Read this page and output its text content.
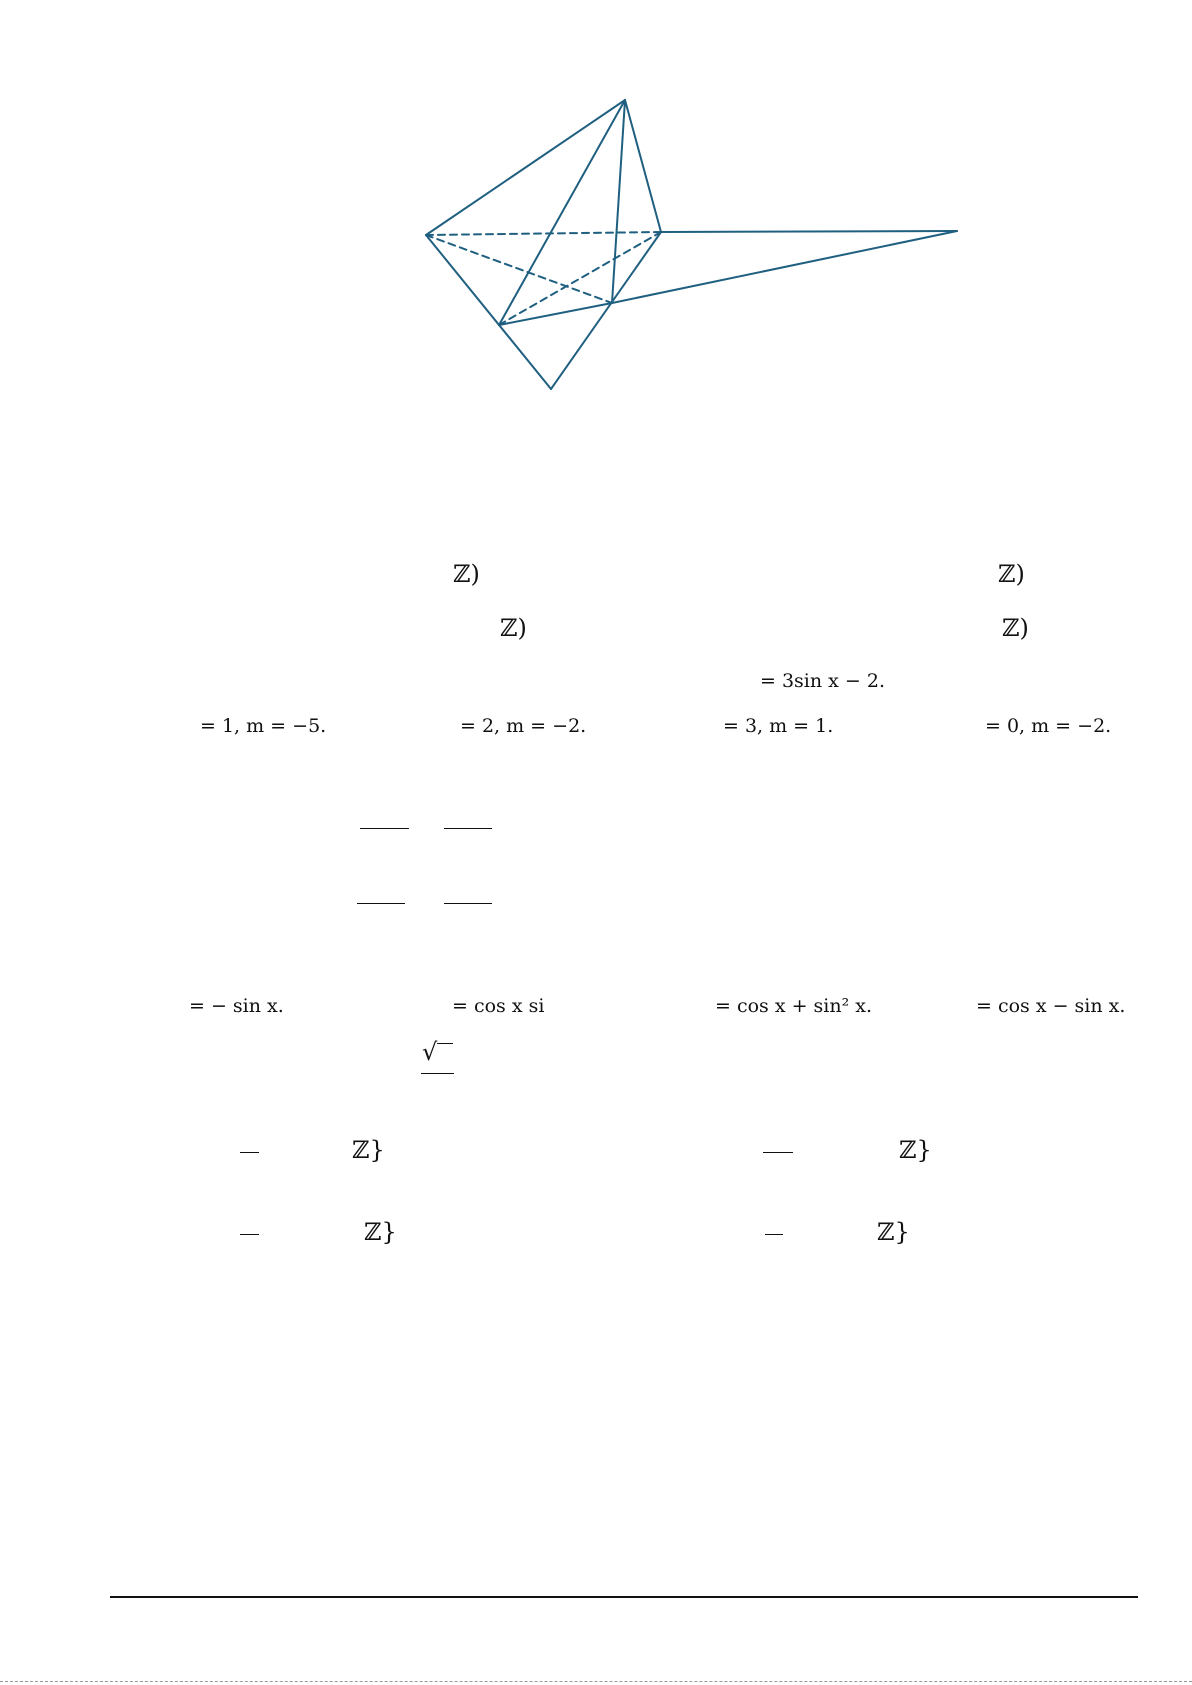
ℤ)	ℤ)
ℤ)	ℤ)
= 3sin x − 2.
= 1, m = −5.	= 2, m = −2.	= 3, m = 1.	= 0, m = −2.
= − sin x.	= cos x si	= cos x + sin² x.	= cos x − sin x.
√
ℤ}	ℤ}
ℤ}	ℤ}
